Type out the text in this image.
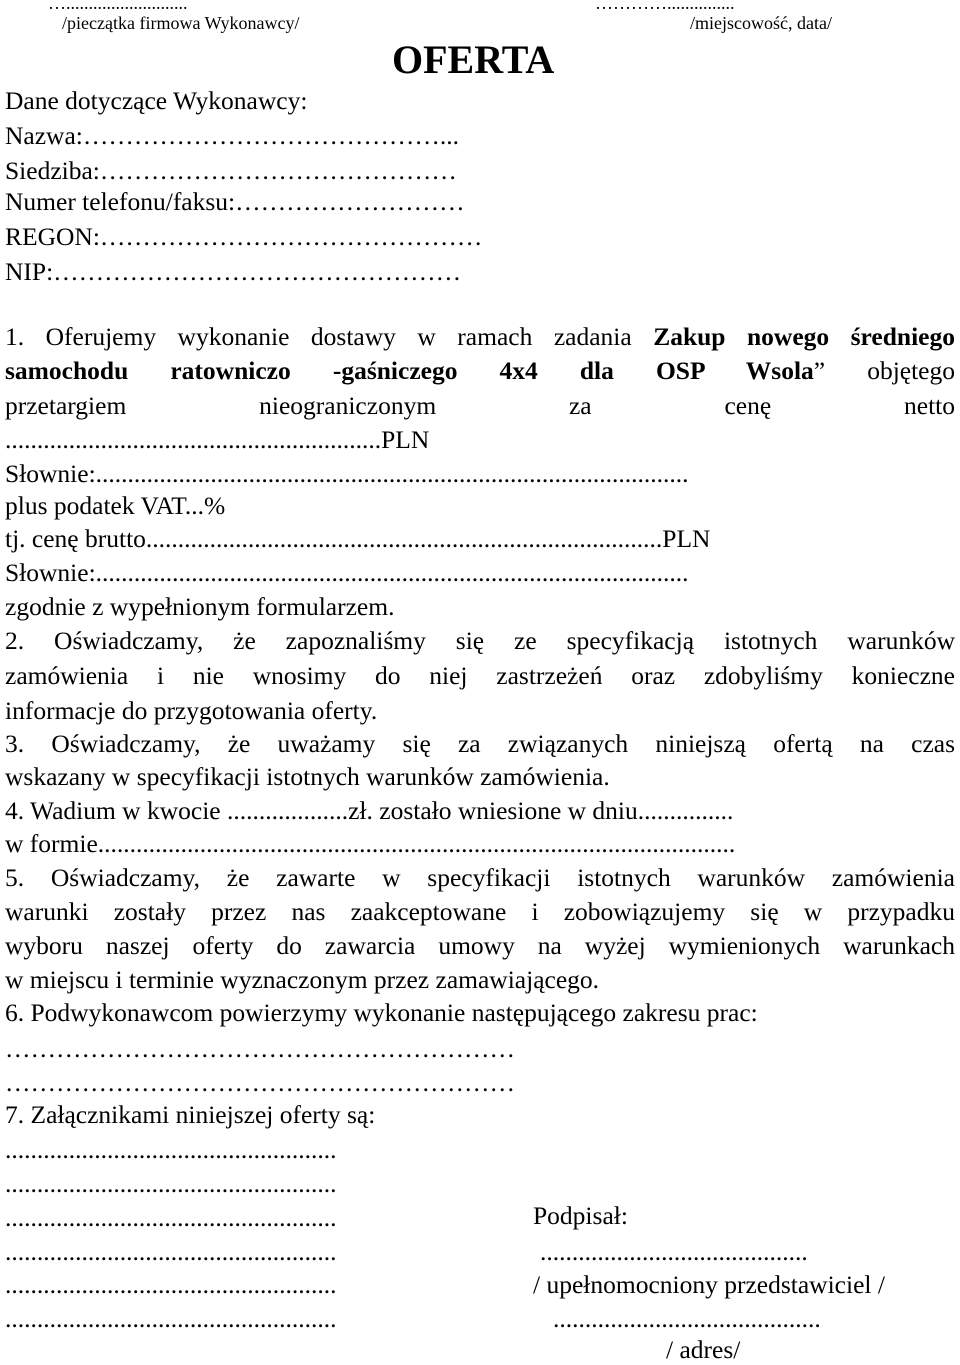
…...........................
/pieczątka firmowa Wykonawcy/
…………...............
/miejscowość, data/
OFERTA
Dane dotyczące Wykonawcy:
Nazwa:……………………………………...
Siedziba:……………………………………
Numer telefonu/faksu:………………………
REGON:………………………………………
NIP:…………………………………………
1. Oferujemy wykonanie dostawy w ramach zadania Zakup nowego średniego
samochodu ratowniczo -gaśniczego 4x4 dla OSP Wsola” objętego
przetargiem nieograniczonym za cenę netto
...........................................................PLN
Słownie:.............................................................................................
plus podatek VAT...%
tj. cenę brutto.................................................................................PLN
Słownie:.............................................................................................
zgodnie z wypełnionym formularzem.
2. Oświadczamy, że zapoznaliśmy się ze specyfikacją istotnych warunków
zamówienia i nie wnosimy do niej zastrzeżeń oraz zdobyliśmy konieczne
informacje do przygotowania oferty.
3. Oświadczamy, że uważamy się za związanych niniejszą ofertą na czas
wskazany w specyfikacji istotnych warunków zamówienia.
4. Wadium w kwocie ...................zł. zostało wniesione w dniu...............
w formie....................................................................................................
5. Oświadczamy, że zawarte w specyfikacji istotnych warunków zamówienia
warunki zostały przez nas zaakceptowane i zobowiązujemy się w przypadku
wyboru naszej oferty do zawarcia umowy na wyżej wymienionych warunkach
w miejscu i terminie wyznaczonym przez zamawiającego.
6. Podwykonawcom powierzymy wykonanie następującego zakresu prac:
……………………………………………………
……………………………………………………
7. Załącznikami niniejszej oferty są:
....................................................
....................................................
....................................................
....................................................
....................................................
....................................................
Podpisał:
..........................................
/ upełnomocniony przedstawiciel /
..........................................
/ adres/
